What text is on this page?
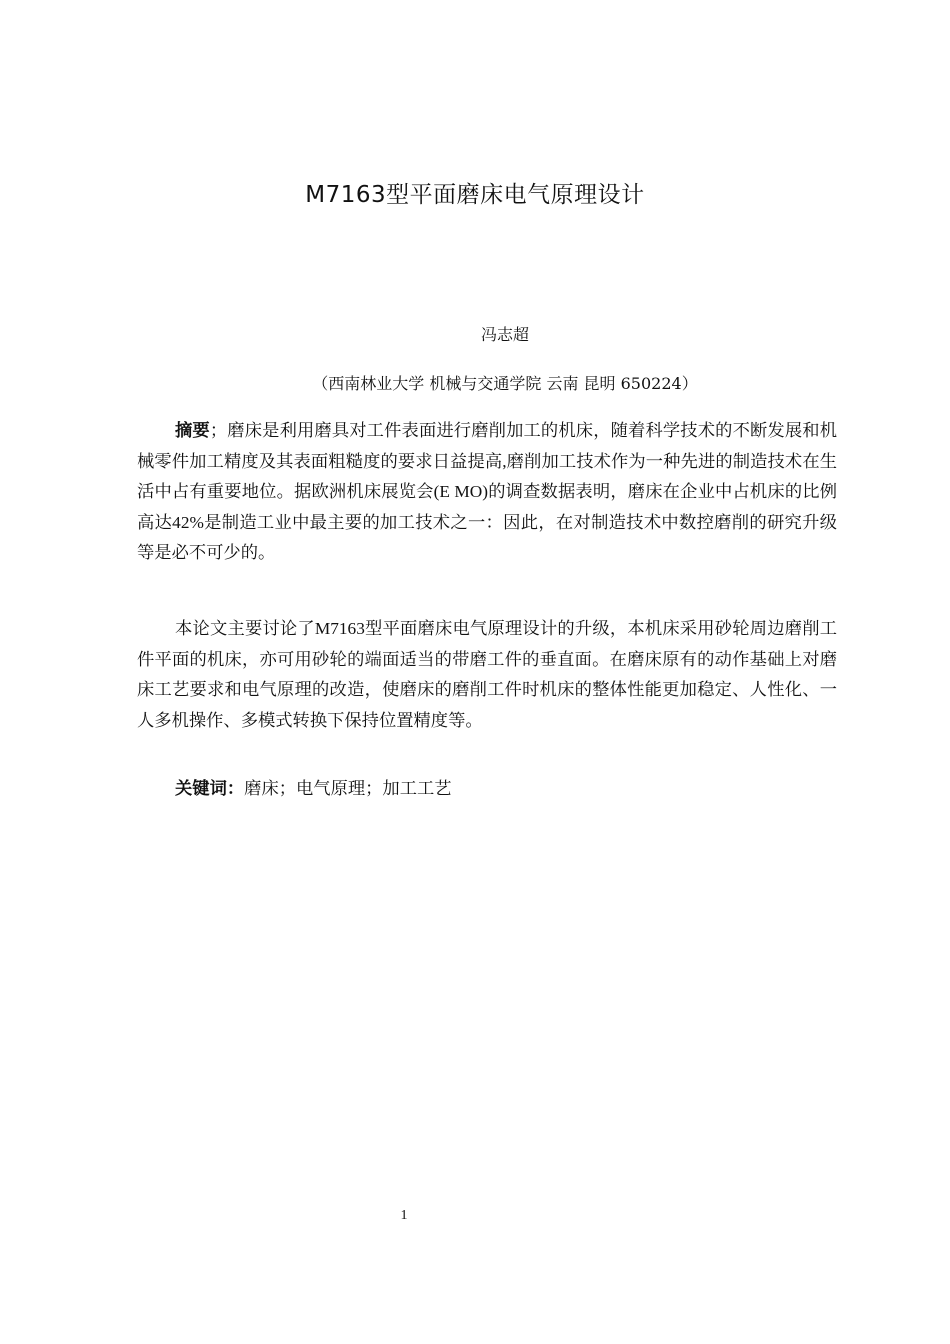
M7163型平面磨床电气原理设计
冯志超
（西南林业大学 机械与交通学院 云南 昆明 650224）

摘要；磨床是利用磨具对工件表面进行磨削加工的机床，随着科学技术的不断发展和机械零件加工精度及其表面粗糙度的要求日益提高,磨削加工技术作为一种先进的制造技术在生活中占有重要地位。据欧洲机床展览会(E MO)的调查数据表明，磨床在企业中占机床的比例高达42%是制造工业中最主要的加工技术之一：因此，在对制造技术中数控磨削的研究升级等是必不可少的。

本论文主要讨论了M7163型平面磨床电气原理设计的升级，本机床采用砂轮周边磨削工件平面的机床，亦可用砂轮的端面适当的带磨工件的垂直面。在磨床原有的动作基础上对磨床工艺要求和电气原理的改造，使磨床的磨削工件时机床的整体性能更加稳定、人性化、一人多机操作、多模式转换下保持位置精度等。

关键词：磨床；电气原理；加工工艺

1
